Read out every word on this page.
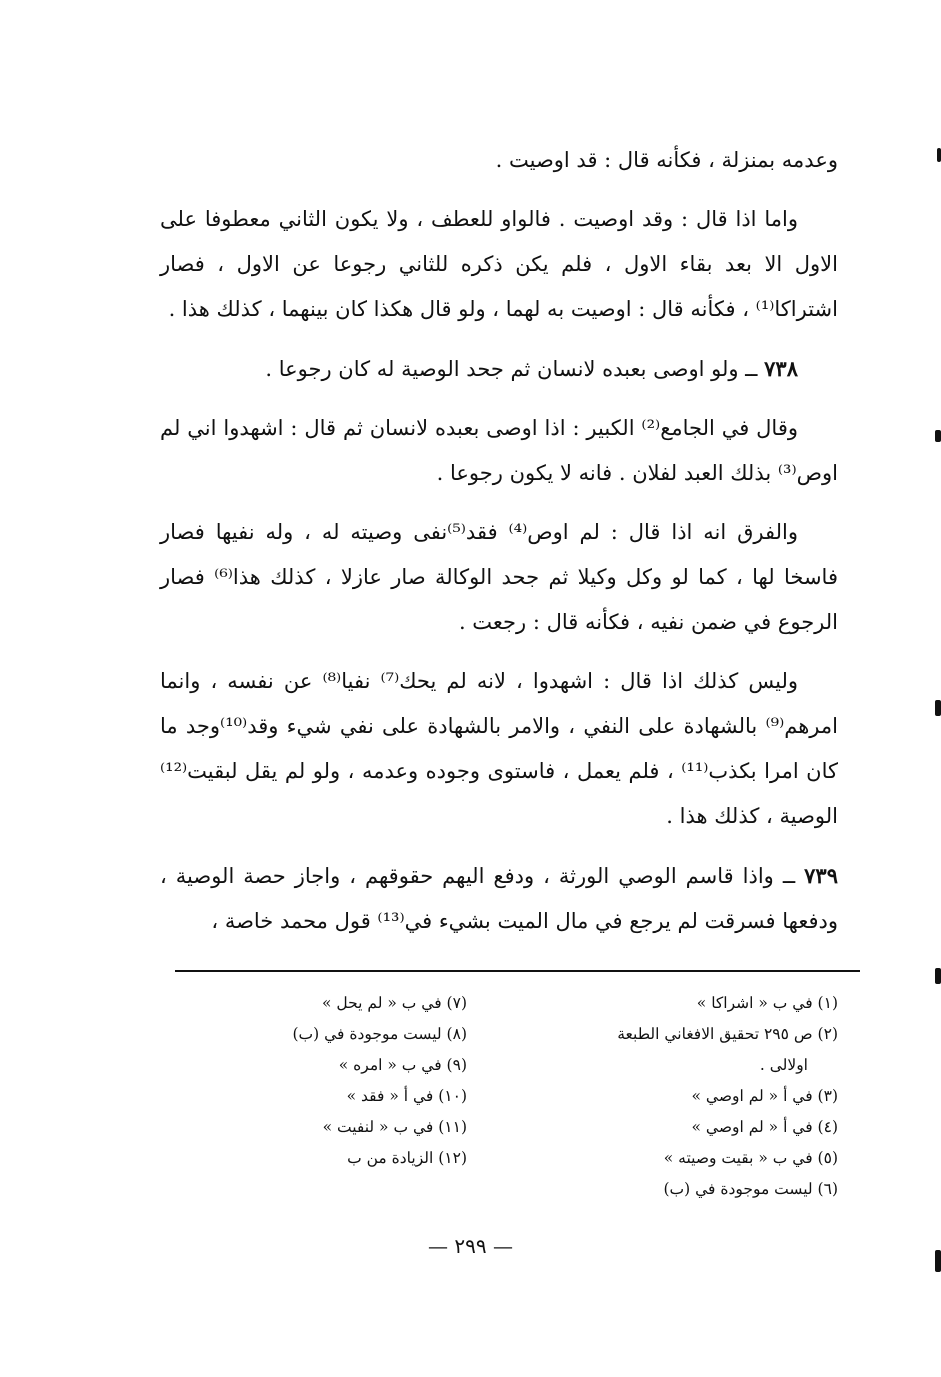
وعدمه بمنزلة ، فكأنه قال : قد اوصيت .

واما اذا قال : وقد اوصيت . فالواو للعطف ، ولا يكون الثاني معطوفا على الاول الا بعد بقاء الاول ، فلم يكن ذكره للثاني رجوعا عن الاول ، فصار اشتراكا⁽¹⁾ ، فكأنه قال : اوصيت به لهما ، ولو قال هكذا كان بينهما ، كذلك هذا .

٧٣٨ ــ ولو اوصى بعبده لانسان ثم جحد الوصية له كان رجوعا .

وقال في الجامع⁽²⁾ الكبير : اذا اوصى بعبده لانسان ثم قال : اشهدوا اني لم اوص⁽³⁾ بذلك العبد لفلان . فانه لا يكون رجوعا .

والفرق انه اذا قال : لم اوص⁽⁴⁾ فقد⁽⁵⁾نفى وصيته له ، وله نفيها فصار فاسخا لها ، كما لو وكل وكيلا ثم جحد الوكالة صار عازلا ، كذلك هذا⁽⁶⁾ فصار الرجوع في ضمن نفيه ، فكأنه قال : رجعت .

وليس كذلك اذا قال : اشهدوا ، لانه لم يحك⁽⁷⁾ نفيا⁽⁸⁾ عن نفسه ، وانما امرهم⁽⁹⁾ بالشهادة على النفي ، والامر بالشهادة على نفي شيء وقد⁽¹⁰⁾وجد ما كان امرا بكذب⁽¹¹⁾ ، فلم يعمل ، فاستوى وجوده وعدمه ، ولو لم يقل لبقيت⁽¹²⁾ الوصية ، كذلك هذا .

٧٣٩ ــ واذا قاسم الوصي الورثة ، ودفع اليهم حقوقهم ، واجاز حصة الوصية ، ودفعها فسرقت لم يرجع في مال الميت بشيء في⁽¹³⁾ قول محمد خاصة ،

(١) في ب « اشراكا »
(٢) ص ٢٩٥ تحقيق الافغاني الطبعة
اولالى .
(٣) في أ « لم اوصي »
(٤) في أ « لم اوصي »
(٥) في ب « بقيت وصيته »
(٦) ليست موجودة في (ب)
(٧) في ب « لم يحل »
(٨) ليست موجودة في (ب)
(٩) في ب « امره »
(١٠) في أ « فقد »
(١١) في ب « لنفيت »
(١٢) الزيادة من ب
— ٢٩٩ —
